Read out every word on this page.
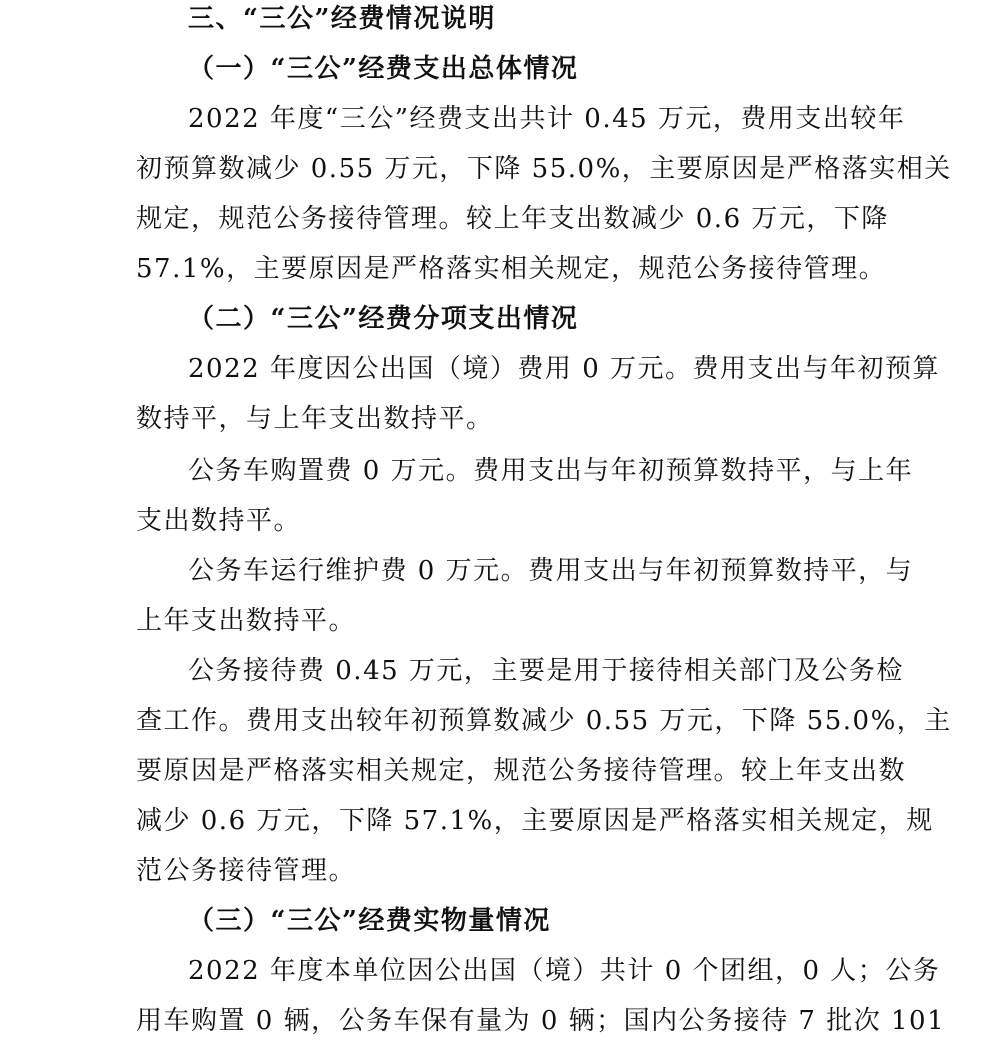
三、“三公”经费情况说明
（一）“三公”经费支出总体情况
2022 年度“三公”经费支出共计 0.45 万元，费用支出较年
初预算数减少 0.55 万元，下降 55.0%，主要原因是严格落实相关
规定，规范公务接待管理。较上年支出数减少 0.6 万元，下降
57.1%，主要原因是严格落实相关规定，规范公务接待管理。
（二）“三公”经费分项支出情况
2022 年度因公出国（境）费用 0 万元。费用支出与年初预算
数持平，与上年支出数持平。
公务车购置费 0 万元。费用支出与年初预算数持平，与上年
支出数持平。
公务车运行维护费 0 万元。费用支出与年初预算数持平，与
上年支出数持平。
公务接待费 0.45 万元，主要是用于接待相关部门及公务检
查工作。费用支出较年初预算数减少 0.55 万元，下降 55.0%，主
要原因是严格落实相关规定，规范公务接待管理。较上年支出数
减少 0.6 万元，下降 57.1%，主要原因是严格落实相关规定，规
范公务接待管理。
（三）“三公”经费实物量情况
2022 年度本单位因公出国（境）共计 0 个团组，0 人；公务
用车购置 0 辆，公务车保有量为 0 辆；国内公务接待 7 批次 101
